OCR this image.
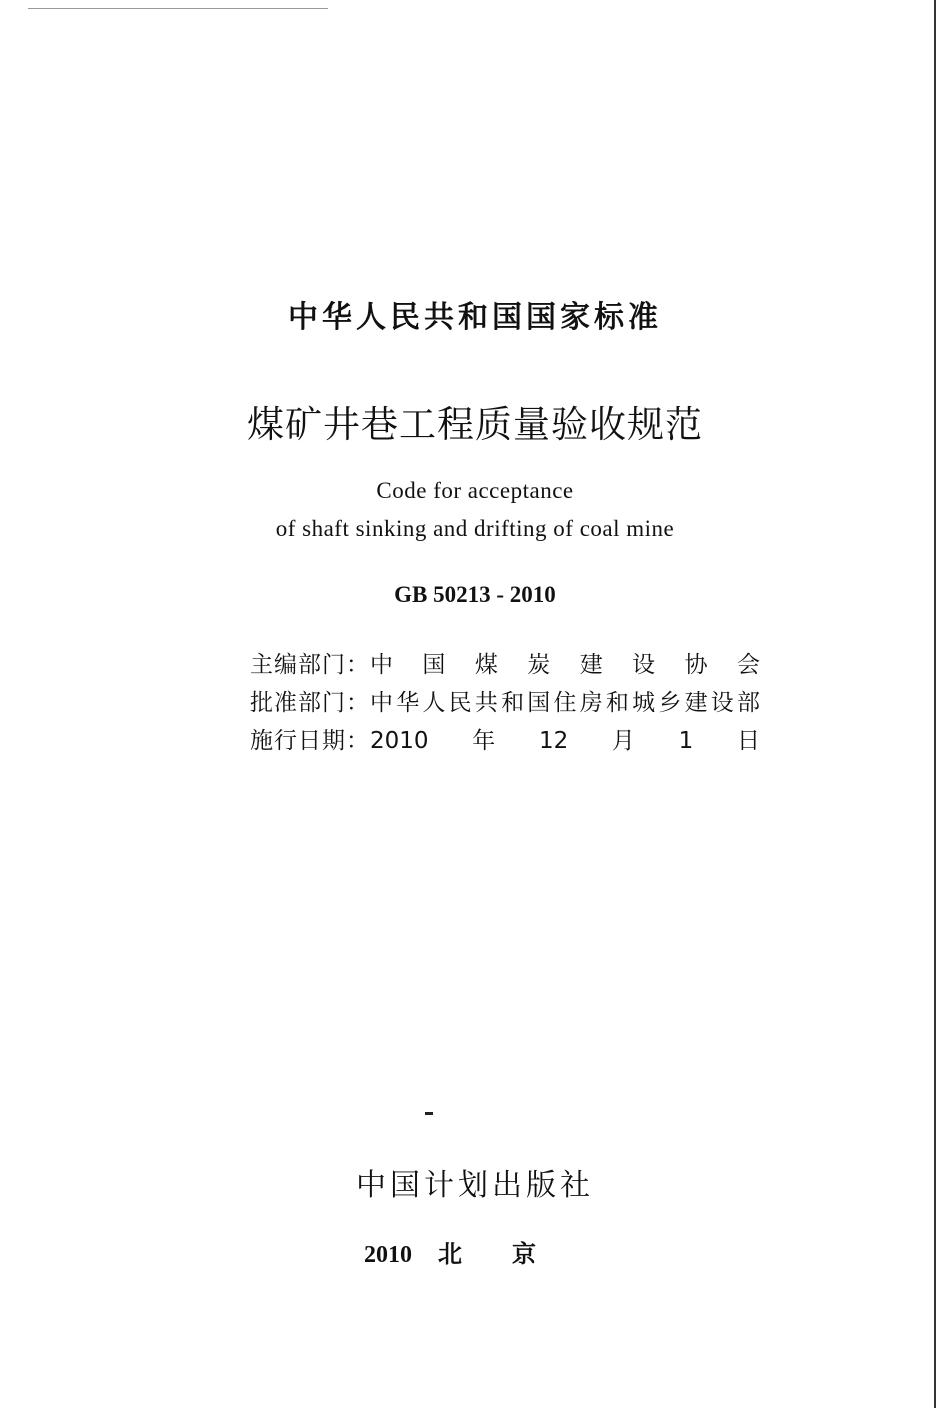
中华人民共和国国家标准
煤矿井巷工程质量验收规范
Code for acceptance
of shaft sinking and drifting of coal mine
GB 50213 - 2010
主编部门： 中国煤炭建设协会
批准部门： 中华人民共和国住房和城乡建设部
施行日期： 2010年12月1日
中国计划出版社
2010 北京
